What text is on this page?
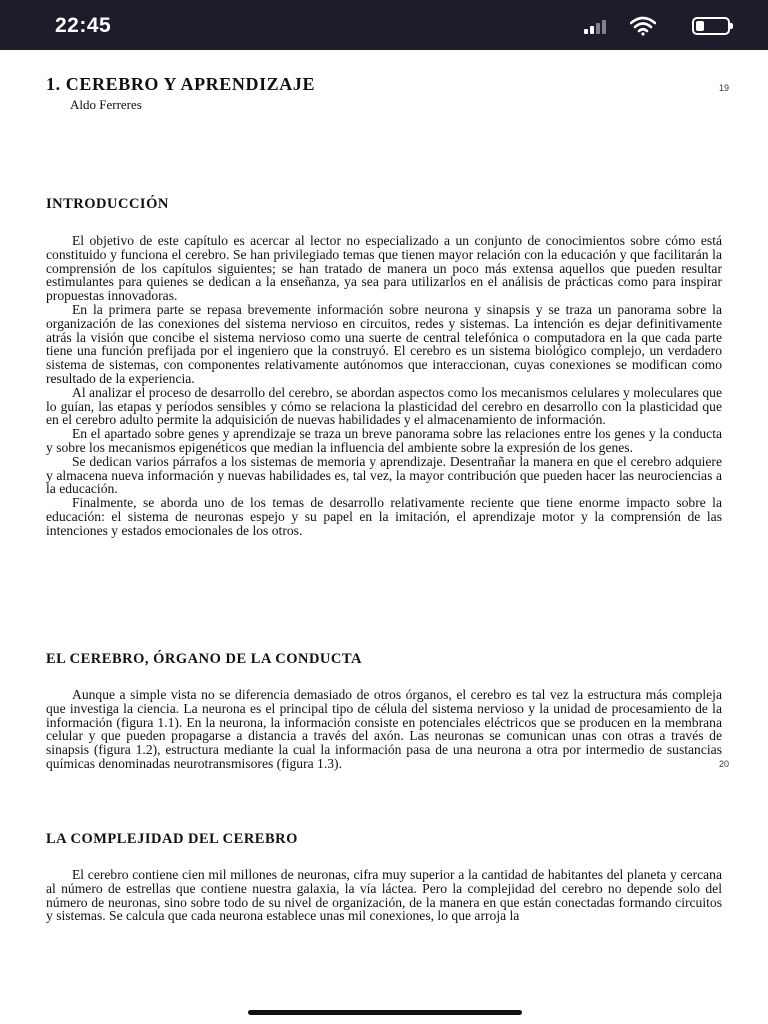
22:45
1. CEREBRO Y APRENDIZAJE
Aldo Ferreres
19
INTRODUCCIÓN

El objetivo de este capítulo es acercar al lector no especializado a un conjunto de conocimientos sobre cómo está constituido y funciona el cerebro. Se han privilegiado temas que tienen mayor relación con la educación y que facilitarán la comprensión de los capítulos siguientes; se han tratado de manera un poco más extensa aquellos que pueden resultar estimulantes para quienes se dedican a la enseñanza, ya sea para utilizarlos en el análisis de prácticas como para inspirar propuestas innovadoras.

En la primera parte se repasa brevemente información sobre neurona y sinapsis y se traza un panorama sobre la organización de las conexiones del sistema nervioso en circuitos, redes y sistemas. La intención es dejar definitivamente atrás la visión que concibe el sistema nervioso como una suerte de central telefónica o computadora en la que cada parte tiene una función prefijada por el ingeniero que la construyó. El cerebro es un sistema biológico complejo, un verdadero sistema de sistemas, con componentes relativamente autónomos que interaccionan, cuyas conexiones se modifican como resultado de la experiencia.

Al analizar el proceso de desarrollo del cerebro, se abordan aspectos como los mecanismos celulares y moleculares que lo guían, las etapas y períodos sensibles y cómo se relaciona la plasticidad del cerebro en desarrollo con la plasticidad que en el cerebro adulto permite la adquisición de nuevas habilidades y el almacenamiento de información.

En el apartado sobre genes y aprendizaje se traza un breve panorama sobre las relaciones entre los genes y la conducta y sobre los mecanismos epigenéticos que median la influencia del ambiente sobre la expresión de los genes.

Se dedican varios párrafos a los sistemas de memoria y aprendizaje. Desentrañar la manera en que el cerebro adquiere y almacena nueva información y nuevas habilidades es, tal vez, la mayor contribución que pueden hacer las neurociencias a la educación.

Finalmente, se aborda uno de los temas de desarrollo relativamente reciente que tiene enorme impacto sobre la educación: el sistema de neuronas espejo y su papel en la imitación, el aprendizaje motor y la comprensión de las intenciones y estados emocionales de los otros.

EL CEREBRO, ÓRGANO DE LA CONDUCTA

Aunque a simple vista no se diferencia demasiado de otros órganos, el cerebro es tal vez la estructura más compleja que investiga la ciencia. La neurona es el principal tipo de célula del sistema nervioso y la unidad de procesamiento de la información (figura 1.1). En la neurona, la información consiste en potenciales eléctricos que se producen en la membrana celular y que pueden propagarse a distancia a través del axón. Las neuronas se comunican unas con otras a través de sinapsis (figura 1.2), estructura mediante la cual la información pasa de una neurona a otra por intermedio de sustancias químicas denominadas neurotransmisores (figura 1.3).	20
LA COMPLEJIDAD DEL CEREBRO

El cerebro contiene cien mil millones de neuronas, cifra muy superior a la cantidad de habitantes del planeta y cercana al número de estrellas que contiene nuestra galaxia, la vía láctea. Pero la complejidad del cerebro no depende solo del número de neuronas, sino sobre todo de su nivel de organización, de la manera en que están conectadas formando circuitos y sistemas. Se calcula que cada neurona establece unas mil conexiones, lo que arroja la
